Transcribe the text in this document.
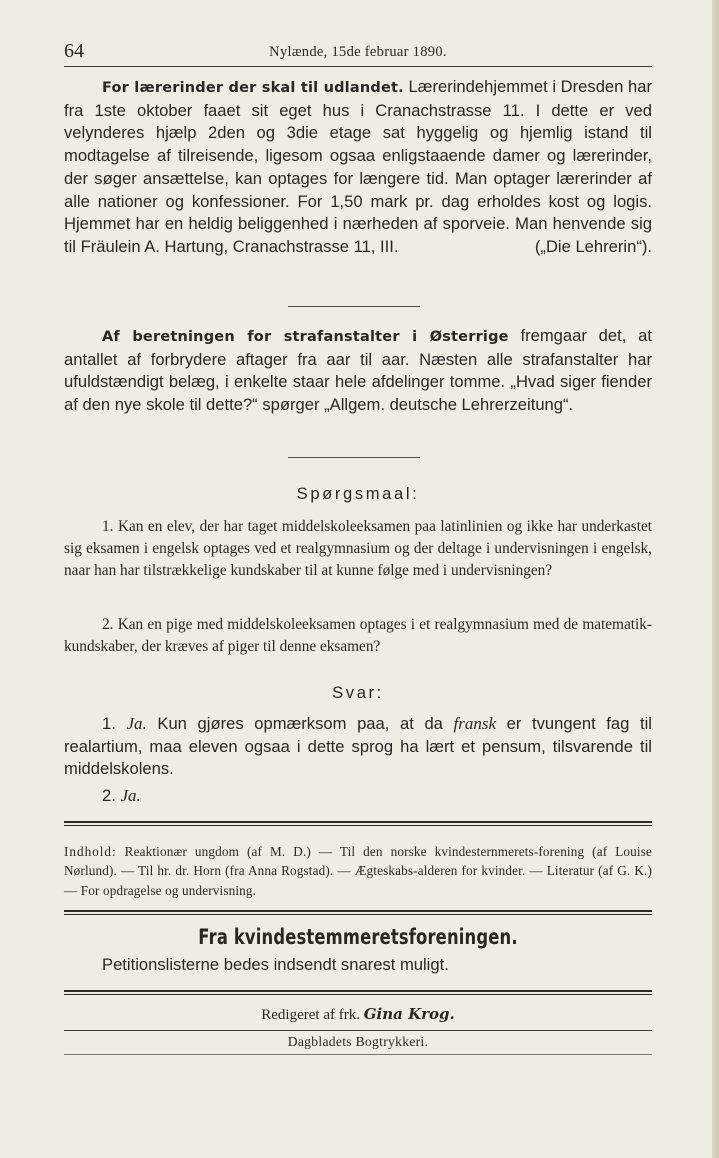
64	Nylænde, 15de februar 1890.
For lærerinder der skal til udlandet. Lærerindehjemmet i Dresden har fra 1ste oktober faaet sit eget hus i Cranachstrasse 11. I dette er ved velynderes hjælp 2den og 3die etage sat hyggelig og hjemlig istand til modtagelse af tilreisende, ligesom ogsaa enligstaaende damer og lærerinder, der søger ansættelse, kan optages for længere tid. Man optager lærerinder af alle nationer og konfessioner. For 1,50 mark pr. dag erholdes kost og logis. Hjemmet har en heldig beliggenhed i nærheden af sporveie. Man henvende sig til Fräulein A. Hartung, Cranachstrasse 11, III.	(„Die Lehrerin“).
Af beretningen for strafanstalter i Østerrige fremgaar det, at antallet af forbrydere aftager fra aar til aar. Næsten alle strafanstalter har ufuldstændigt belæg, i enkelte staar hele afdelinger tomme. „Hvad siger fiender af den nye skole til dette?“ spørger „Allgem. deutsche Lehrerzeitung“.
Spørgsmaal:
1. Kan en elev, der har taget middelskoleeksamen paa latinlinien og ikke har underkastet sig eksamen i engelsk optages ved et realgymnasium og der deltage i undervisningen i engelsk, naar han har tilstrækkelige kundskaber til at kunne følge med i undervisningen?
2. Kan en pige med middelskoleeksamen optages i et realgymnasium med de matematik-kundskaber, der kræves af piger til denne eksamen?
Svar:
1. Ja. Kun gjøres opmærksom paa, at da fransk er tvungent fag til realartium, maa eleven ogsaa i dette sprog ha lært et pensum, tilsvarende til middelskolens.
2. Ja.
Indhold: Reaktionær ungdom (af M. D.) — Til den norske kvindesternmerets-forening (af Louise Nørlund). — Til hr. dr. Horn (fra Anna Rogstad). — Ægteskabs-alderen for kvinder. — Literatur (af G. K.) — For opdragelse og undervisning.
Fra kvindestemmeretsforeningen.
Petitionslisterne bedes indsendt snarest muligt.
Redigeret af frk. Gina Krog.
Dagbladets Bogtrykkeri.
